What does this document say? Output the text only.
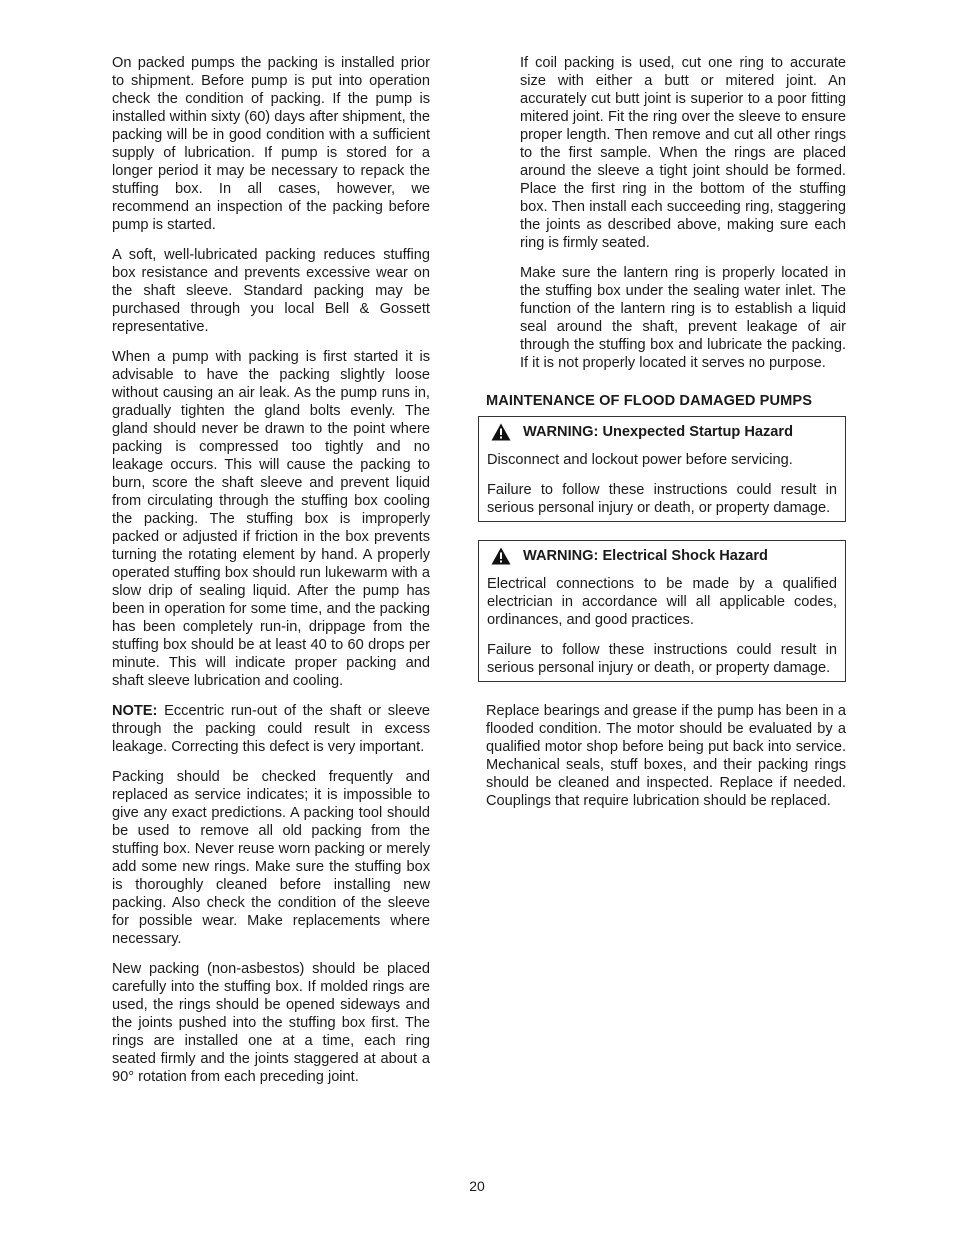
On packed pumps the packing is installed prior to shipment. Before pump is put into operation check the condition of packing. If the pump is installed within sixty (60) days after shipment, the packing will be in good condition with a sufficient supply of lubrication. If pump is stored for a longer period it may be necessary to repack the stuffing box. In all cases, however, we recommend an inspection of the packing before pump is started.

A soft, well-lubricated packing reduces stuffing box resistance and prevents excessive wear on the shaft sleeve. Standard packing may be purchased through you local Bell & Gossett representative.

When a pump with packing is first started it is advisable to have the packing slightly loose without causing an air leak. As the pump runs in, gradually tighten the gland bolts evenly. The gland should never be drawn to the point where packing is compressed too tightly and no leakage occurs. This will cause the packing to burn, score the shaft sleeve and prevent liquid from circulating through the stuffing box cooling the packing. The stuffing box is improperly packed or adjusted if friction in the box prevents turning the rotating element by hand. A properly operated stuffing box should run lukewarm with a slow drip of sealing liquid. After the pump has been in operation for some time, and the packing has been completely run-in, drippage from the stuffing box should be at least 40 to 60 drops per minute. This will indicate proper packing and shaft sleeve lubrication and cooling.

NOTE: Eccentric run-out of the shaft or sleeve through the packing could result in excess leakage. Correcting this defect is very important.

Packing should be checked frequently and replaced as service indicates; it is impossible to give any exact predictions. A packing tool should be used to remove all old packing from the stuffing box. Never reuse worn packing or merely add some new rings. Make sure the stuffing box is thoroughly cleaned before installing new packing. Also check the condition of the sleeve for possible wear. Make replacements where necessary.

New packing (non-asbestos) should be placed carefully into the stuffing box. If molded rings are used, the rings should be opened sideways and the joints pushed into the stuffing box first. The rings are installed one at a time, each ring seated firmly and the joints staggered at about a 90° rotation from each preceding joint.

If coil packing is used, cut one ring to accurate size with either a butt or mitered joint. An accurately cut butt joint is superior to a poor fitting mitered joint. Fit the ring over the sleeve to ensure proper length. Then remove and cut all other rings to the first sample. When the rings are placed around the sleeve a tight joint should be formed. Place the first ring in the bottom of the stuffing box. Then install each succeeding ring, staggering the joints as described above, making sure each ring is firmly seated.

Make sure the lantern ring is properly located in the stuffing box under the sealing water inlet. The function of the lantern ring is to establish a liquid seal around the shaft, prevent leakage of air through the stuffing box and lubricate the packing. If it is not properly located it serves no purpose.

MAINTENANCE OF FLOOD DAMAGED PUMPS
WARNING: Unexpected Startup Hazard

Disconnect and lockout power before servicing.

Failure to follow these instructions could result in serious personal injury or death, or property damage.

WARNING: Electrical Shock Hazard

Electrical connections to be made by a qualified electrician in accordance will all applicable codes, ordinances, and good practices.

Failure to follow these instructions could result in serious personal injury or death, or property damage.

Replace bearings and grease if the pump has been in a flooded condition. The motor should be evaluated by a qualified motor shop before being put back into service. Mechanical seals, stuff boxes, and their packing rings should be cleaned and inspected. Replace if needed. Couplings that require lubrication should be replaced.

20
